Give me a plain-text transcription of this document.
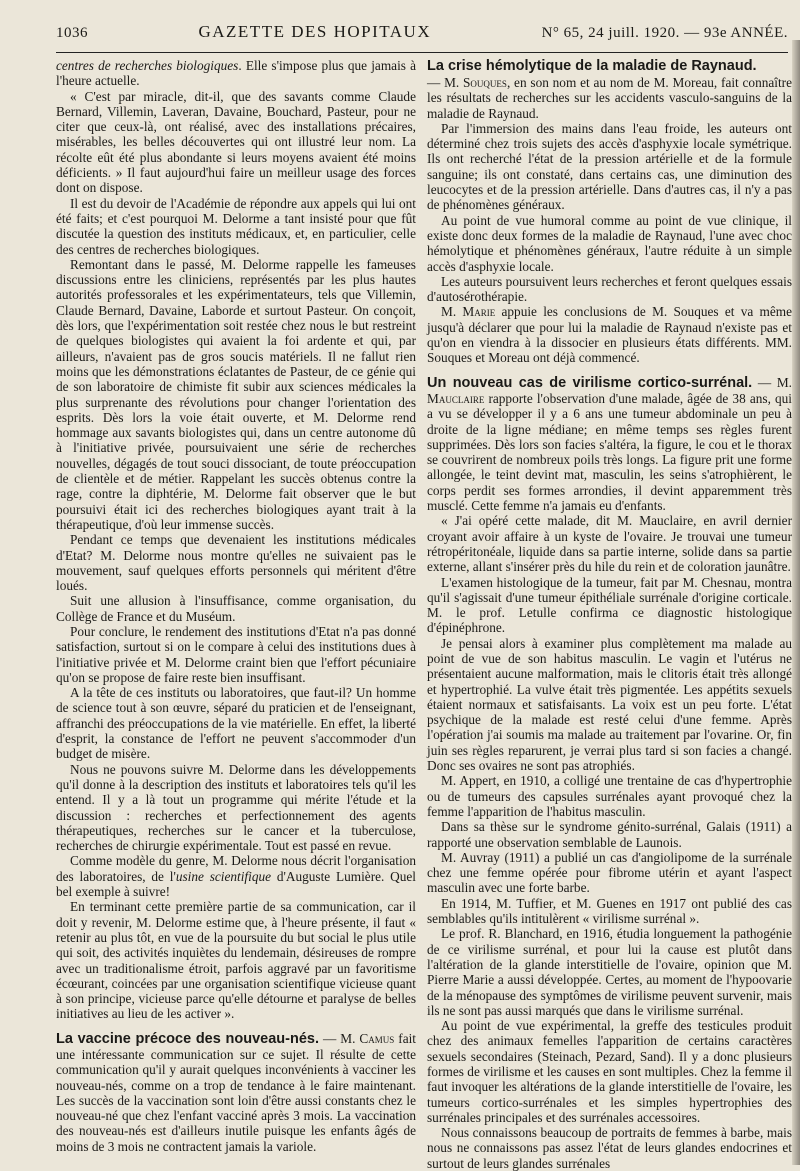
1036	GAZETTE DES HOPITAUX	N° 65, 24 juill. 1920. — 93e ANNÉE.

centres de recherches biologiques. Elle s'impose plus que jamais à l'heure actuelle.

« C'est par miracle, dit-il, que des savants comme Claude Bernard, Villemin, Laveran, Davaine, Bouchard, Pasteur, pour ne citer que ceux-là, ont réalisé, avec des installations précaires, misérables, les belles découvertes qui ont illustré leur nom. La récolte eût été plus abondante si leurs moyens avaient été moins déficients. » Il faut aujourd'hui faire un meilleur usage des forces dont on dispose.

Il est du devoir de l'Académie de répondre aux appels qui lui ont été faits; et c'est pourquoi M. Delorme a tant insisté pour que fût discutée la question des instituts médicaux, et, en particulier, celle des centres de recherches biologiques.

Remontant dans le passé, M. Delorme rappelle les fameuses discussions entre les cliniciens, représentés par les plus hautes autorités professorales et les expérimentateurs, tels que Villemin, Claude Bernard, Davaine, Laborde et surtout Pasteur. On conçoit, dès lors, que l'expérimentation soit restée chez nous le but restreint de quelques biologistes qui avaient la foi ardente et qui, par ailleurs, n'avaient pas de gros soucis matériels. Il ne fallut rien moins que les démonstrations éclatantes de Pasteur, de ce génie qui de son laboratoire de chimiste fit subir aux sciences médicales la plus surprenante des révolutions pour changer l'orientation des esprits. Dès lors la voie était ouverte, et M. Delorme rend hommage aux savants biologistes qui, dans un centre autonome dû à l'initiative privée, poursuivaient une série de recherches nouvelles, dégagés de tout souci dissociant, de toute préoccupation de clientèle et de métier. Rappelant les succès obtenus contre la rage, contre la diphtérie, M. Delorme fait observer que le but poursuivi était ici des recherches biologiques ayant trait à la thérapeutique, d'où leur immense succès.

Pendant ce temps que devenaient les institutions médicales d'Etat? M. Delorme nous montre qu'elles ne suivaient pas le mouvement, sauf quelques efforts personnels qui méritent d'être loués.

Suit une allusion à l'insuffisance, comme organisation, du Collège de France et du Muséum.

Pour conclure, le rendement des institutions d'Etat n'a pas donné satisfaction, surtout si on le compare à celui des institutions dues à l'initiative privée et M. Delorme craint bien que l'effort pécuniaire qu'on se propose de faire reste bien insuffisant.

A la tête de ces instituts ou laboratoires, que faut-il? Un homme de science tout à son œuvre, séparé du praticien et de l'enseignant, affranchi des préoccupations de la vie matérielle. En effet, la liberté d'esprit, la constance de l'effort ne peuvent s'accommoder d'un budget de misère.

Nous ne pouvons suivre M. Delorme dans les développements qu'il donne à la description des instituts et laboratoires tels qu'il les entend. Il y a là tout un programme qui mérite l'étude et la discussion : recherches et perfectionnement des agents thérapeutiques, recherches sur le cancer et la tuberculose, recherches de chirurgie expérimentale. Tout est passé en revue.

Comme modèle du genre, M. Delorme nous décrit l'organisation des laboratoires, de l'usine scientifique d'Auguste Lumière. Quel bel exemple à suivre!

En terminant cette première partie de sa communication, car il doit y revenir, M. Delorme estime que, à l'heure présente, il faut « retenir au plus tôt, en vue de la poursuite du but social le plus utile qui soit, des activités inquiètes du lendemain, désireuses de rompre avec un traditionalisme étroit, parfois aggravé par un favoritisme écœurant, coincées par une organisation scientifique vicieuse quant à son principe, vicieuse parce qu'elle détourne et paralyse de belles initiatives au lieu de les activer ».

La vaccine précoce des nouveau-nés. — M. Camus fait une intéressante communication sur ce sujet. Il résulte de cette communication qu'il y aurait quelques inconvénients à vacciner les nouveau-nés, comme on a trop de tendance à le faire maintenant. Les succès de la vaccination sont loin d'être aussi constants chez le nouveau-né que chez l'enfant vacciné après 3 mois. La vaccination des nouveau-nés est d'ailleurs inutile puisque les enfants âgés de moins de 3 mois ne contractent jamais la variole.

La crise hémolytique de la maladie de Raynaud.

— M. Souques, en son nom et au nom de M. Moreau, fait connaître les résultats de recherches sur les accidents vasculo-sanguins de la maladie de Raynaud.

Par l'immersion des mains dans l'eau froide, les auteurs ont déterminé chez trois sujets des accès d'asphyxie locale symétrique. Ils ont recherché l'état de la pression artérielle et de la formule sanguine; ils ont constaté, dans certains cas, une diminution des leucocytes et de la pression artérielle. Dans d'autres cas, il n'y a pas de phénomènes généraux.

Au point de vue humoral comme au point de vue clinique, il existe donc deux formes de la maladie de Raynaud, l'une avec choc hémolytique et phénomènes généraux, l'autre réduite à un simple accès d'asphyxie locale.

Les auteurs poursuivent leurs recherches et feront quelques essais d'autosérothérapie.

M. Marie appuie les conclusions de M. Souques et va même jusqu'à déclarer que pour lui la maladie de Raynaud n'existe pas et qu'on en viendra à la dissocier en plusieurs états différents. MM. Souques et Moreau ont déjà commencé.

Un nouveau cas de virilisme cortico-surrénal. — M. Mauclaire rapporte l'observation d'une malade, âgée de 38 ans, qui a vu se développer il y a 6 ans une tumeur abdominale un peu à droite de la ligne médiane; en même temps ses règles furent supprimées. Dès lors son facies s'altéra, la figure, le cou et le thorax se couvrirent de nombreux poils très longs. La figure prit une forme allongée, le teint devint mat, masculin, les seins s'atrophièrent, le corps perdit ses formes arrondies, il devint apparemment très musclé. Cette femme n'a jamais eu d'enfants.

« J'ai opéré cette malade, dit M. Mauclaire, en avril dernier croyant avoir affaire à un kyste de l'ovaire. Je trouvai une tumeur rétropéritonéale, liquide dans sa partie interne, solide dans sa partie externe, allant s'insérer près du hile du rein et de coloration jaunâtre.

L'examen histologique de la tumeur, fait par M. Chesnau, montra qu'il s'agissait d'une tumeur épithéliale surrénale d'origine corticale. M. le prof. Letulle confirma ce diagnostic histologique d'épinéphrone.

Je pensai alors à examiner plus complètement ma malade au point de vue de son habitus masculin. Le vagin et l'utérus ne présentaient aucune malformation, mais le clitoris était très allongé et hypertrophié. La vulve était très pigmentée. Les appétits sexuels étaient normaux et satisfaisants. La voix est un peu forte. L'état psychique de la malade est resté celui d'une femme. Après l'opération j'ai soumis ma malade au traitement par l'ovarine. Or, fin juin ses règles reparurent, je verrai plus tard si son facies a changé. Donc ses ovaires ne sont pas atrophiés.

M. Appert, en 1910, a colligé une trentaine de cas d'hypertrophie ou de tumeurs des capsules surrénales ayant provoqué chez la femme l'apparition de l'habitus masculin.

Dans sa thèse sur le syndrome génito-surrénal, Galais (1911) a rapporté une observation semblable de Launois.

M. Auvray (1911) a publié un cas d'angiolipome de la surrénale chez une femme opérée pour fibrome utérin et ayant l'aspect masculin avec une forte barbe.

En 1914, M. Tuffier, et M. Guenes en 1917 ont publié des cas semblables qu'ils intitulèrent « virilisme surrénal ».

Le prof. R. Blanchard, en 1916, étudia longuement la pathogénie de ce virilisme surrénal, et pour lui la cause est plutôt dans l'altération de la glande interstitielle de l'ovaire, opinion que M. Pierre Marie a aussi développée. Certes, au moment de l'hypoovarie de la ménopause des symptômes de virilisme peuvent survenir, mais ils ne sont pas aussi marqués que dans le virilisme surrénal.

Au point de vue expérimental, la greffe des testicules produit chez des animaux femelles l'apparition de certains caractères sexuels secondaires (Steinach, Pezard, Sand). Il y a donc plusieurs formes de virilisme et les causes en sont multiples. Chez la femme il faut invoquer les altérations de la glande interstitielle de l'ovaire, les tumeurs cortico-surrénales et les simples hypertrophies des surrénales principales et des surrénales accessoires.

Nous connaissons beaucoup de portraits de femmes à barbe, mais nous ne connaissons pas assez l'état de leurs glandes endocrines et surtout de leurs glandes surrénales
